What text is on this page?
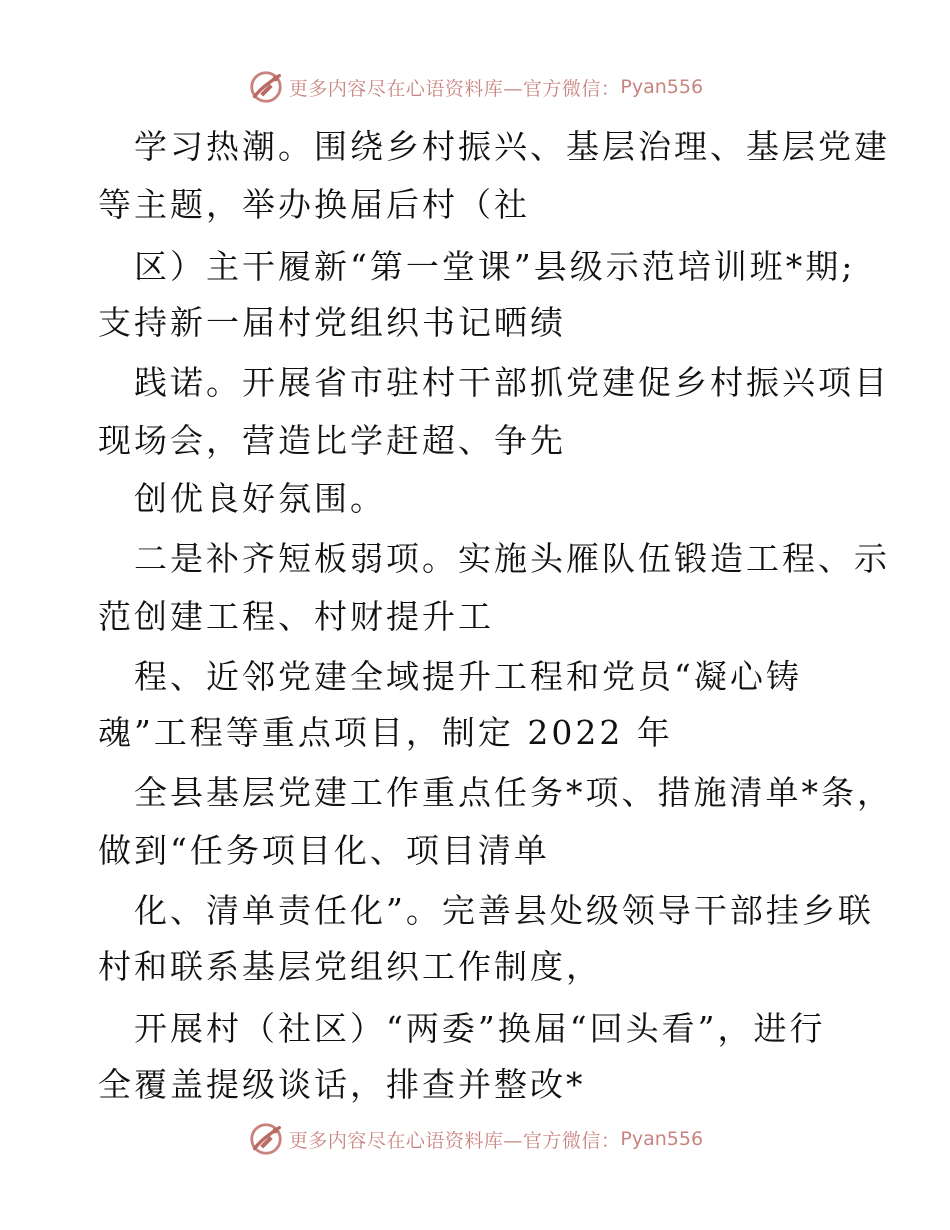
更多内容尽在心语资料库—官方微信： Pyan556
学习热潮。围绕乡村振兴、基层治理、基层党建
等主题，举办换届后村（社
区）主干履新“第一堂课”县级示范培训班*期;
支持新一届村党组织书记晒绩
践诺。开展省市驻村干部抓党建促乡村振兴项目
现场会，营造比学赶超、争先
创优良好氛围。
二是补齐短板弱项。实施头雁队伍锻造工程、示
范创建工程、村财提升工
程、近邻党建全域提升工程和党员“凝心铸
魂”工程等重点项目，制定 2022 年
全县基层党建工作重点任务*项、措施清单*条，
做到“任务项目化、项目清单
化、清单责任化”。完善县处级领导干部挂乡联
村和联系基层党组织工作制度，
开展村（社区）“两委”换届“回头看”，进行
全覆盖提级谈话，排查并整改*
更多内容尽在心语资料库—官方微信： Pyan556
